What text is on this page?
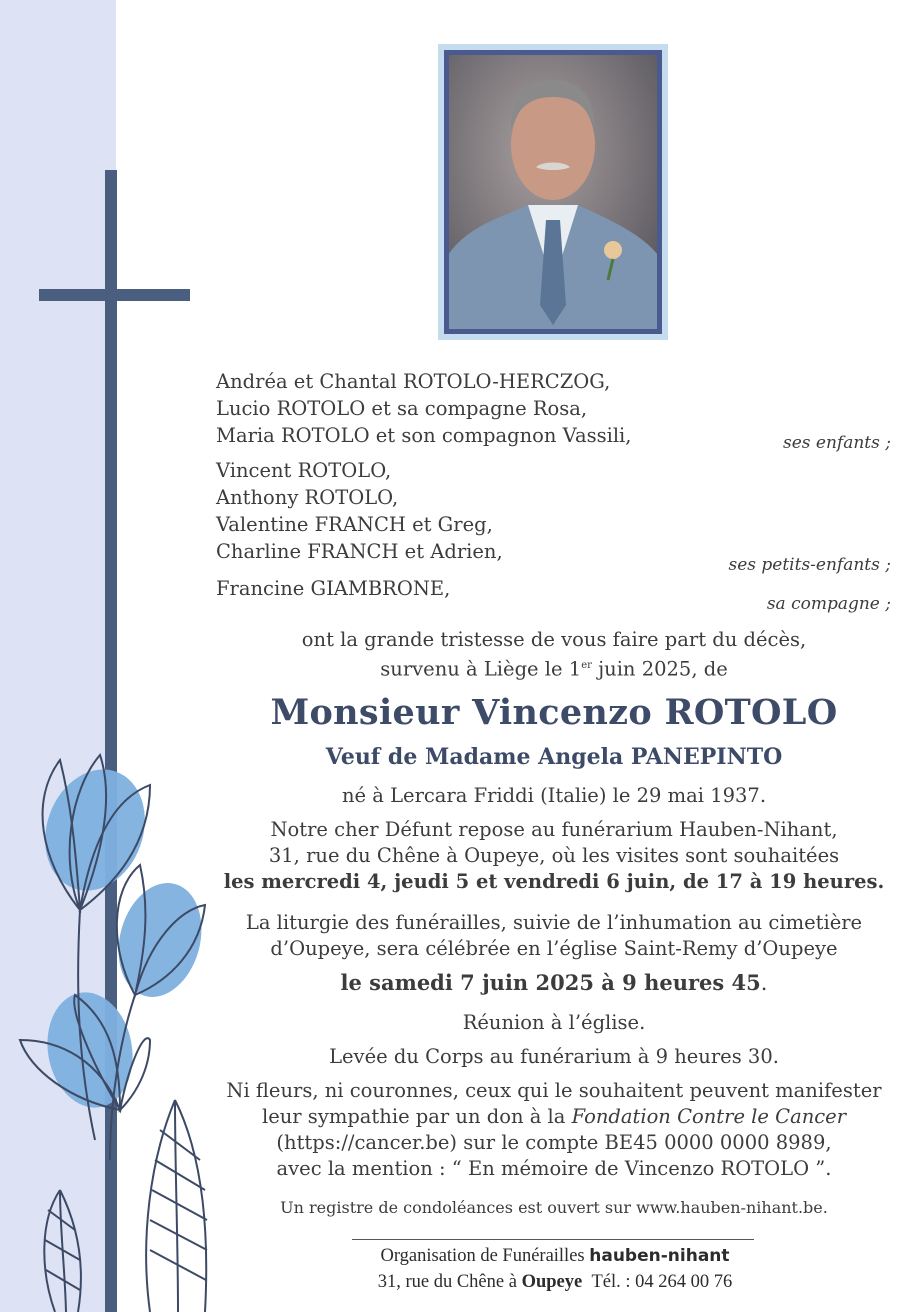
Andréa et Chantal ROTOLO-HERCZOG,
Lucio ROTOLO et sa compagne Rosa,
Maria ROTOLO et son compagnon Vassili,
Vincent ROTOLO,
Anthony ROTOLO,
Valentine FRANCH et Greg,
Charline FRANCH et Adrien,
Francine GIAMBRONE,
ses enfants ;
ses petits-enfants ;
sa compagne ;
ont la grande tristesse de vous faire part du décès,
survenu à Liège le 1er juin 2025, de
Monsieur Vincenzo ROTOLO
Veuf de Madame Angela PANEPINTO
né à Lercara Friddi (Italie) le 29 mai 1937.
Notre cher Défunt repose au funérarium Hauben-Nihant,
31, rue du Chêne à Oupeye, où les visites sont souhaitées
les mercredi 4, jeudi 5 et vendredi 6 juin, de 17 à 19 heures.
La liturgie des funérailles, suivie de l’inhumation au cimetière
d’Oupeye, sera célébrée en l’église Saint-Remy d’Oupeye
le samedi 7 juin 2025 à 9 heures 45.
Réunion à l’église.
Levée du Corps au funérarium à 9 heures 30.
Ni fleurs, ni couronnes, ceux qui le souhaitent peuvent manifester
leur sympathie par un don à la Fondation Contre le Cancer
(https://cancer.be) sur le compte BE45 0000 0000 8989,
avec la mention : “ En mémoire de Vincenzo ROTOLO ”.
Un registre de condoléances est ouvert sur www.hauben-nihant.be.
Organisation de Funérailles hauben-nihant
31, rue du Chêne à Oupeye Tél. : 04 264 00 76
